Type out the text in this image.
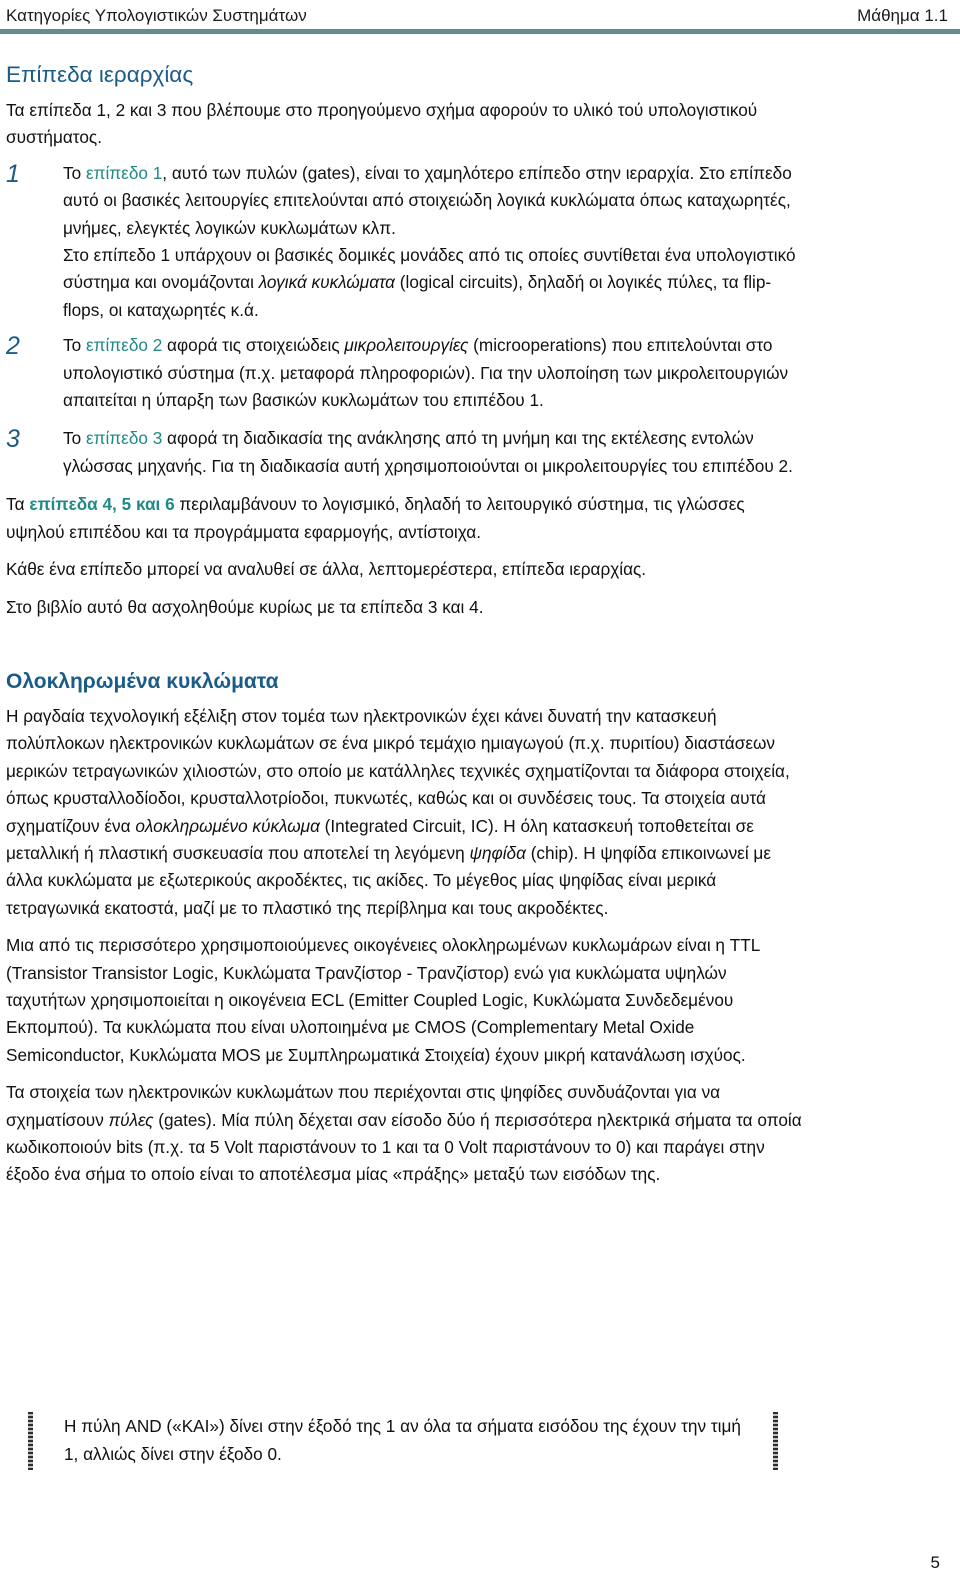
Κατηγορίες Υπολογιστικών Συστημάτων	Μάθημα 1.1
Επίπεδα ιεραρχίας

Τα επίπεδα 1, 2 και 3 που βλέπουμε στο προηγούμενο σχήμα αφορούν το υλικό τού υπολογιστικού συστήματος.

1	Το επίπεδο 1, αυτό των πυλών (gates), είναι το χαμηλότερο επίπεδο στην ιεραρχία. Στο επίπεδο αυτό οι βασικές λειτουργίες επιτελούνται από στοιχειώδη λογικά κυκλώματα όπως καταχωρητές, μνήμες, ελεγκτές λογικών κυκλωμάτων κλπ.

Στο επίπεδο 1 υπάρχουν οι βασικές δομικές μονάδες από τις οποίες συντίθεται ένα υπολογιστικό σύστημα και ονομάζονται λογικά κυκλώματα (logical circuits), δηλαδή οι λογικές πύλες, τα flip-flops, οι καταχωρητές κ.ά.

2	Το επίπεδο 2 αφορά τις στοιχειώδεις μικρολειτουργίες (microoperations) που επιτελούνται στο υπολογιστικό σύστημα (π.χ. μεταφορά πληροφοριών). Για την υλοποίηση των μικρολειτουργιών απαιτείται η ύπαρξη των βασικών κυκλωμάτων του επιπέδου 1.

3	Το επίπεδο 3 αφορά τη διαδικασία της ανάκλησης από τη μνήμη και της εκτέλεσης εντολών γλώσσας μηχανής. Για τη διαδικασία αυτή χρησιμοποιούνται οι μικρολειτουργίες του επιπέδου 2.

Τα επίπεδα 4, 5 και 6 περιλαμβάνουν το λογισμικό, δηλαδή το λειτουργικό σύστημα, τις γλώσσες υψηλού επιπέδου και τα προγράμματα εφαρμογής, αντίστοιχα.

Κάθε ένα επίπεδο μπορεί να αναλυθεί σε άλλα, λεπτομερέστερα, επίπεδα ιεραρχίας.

Στο βιβλίο αυτό θα ασχοληθούμε κυρίως με τα επίπεδα 3 και 4.

Ολοκληρωμένα κυκλώματα

Η ραγδαία τεχνολογική εξέλιξη στον τομέα των ηλεκτρονικών έχει κάνει δυνατή την κατασκευή πολύπλοκων ηλεκτρονικών κυκλωμάτων σε ένα μικρό τεμάχιο ημιαγωγού (π.χ. πυριτίου) διαστάσεων μερικών τετραγωνικών χιλιοστών, στο οποίο με κατάλληλες τεχνικές σχηματίζονται τα διάφορα στοιχεία, όπως κρυσταλλοδίοδοι, κρυσταλλοτρίοδοι, πυκνωτές, καθώς και οι συνδέσεις τους. Τα στοιχεία αυτά σχηματίζουν ένα ολοκληρωμένο κύκλωμα (Integrated Circuit, IC). Η όλη κατασκευή τοποθετείται σε μεταλλική ή πλαστική συσκευασία που αποτελεί τη λεγόμενη ψηφίδα (chip). Η ψηφίδα επικοινωνεί με άλλα κυκλώματα με εξωτερικούς ακροδέκτες, τις ακίδες. Το μέγεθος μίας ψηφίδας είναι μερικά τετραγωνικά εκατοστά, μαζί με το πλαστικό της περίβλημα και τους ακροδέκτες.

Μια από τις περισσότερο χρησιμοποιούμενες οικογένειες ολοκληρωμένων κυκλωμάρων είναι η TTL (Transistor Transistor Logic, Κυκλώματα Τρανζίστορ - Τρανζίστορ) ενώ για κυκλώματα υψηλών ταχυτήτων χρησιμοποιείται η οικογένεια ECL (Emitter Coupled Logic, Κυκλώματα Συνδεδεμένου Εκπομπού). Τα κυκλώματα που είναι υλοποιημένα με CMOS (Complementary Metal Oxide Semiconductor, Κυκλώματα MOS με Συμπληρωματικά Στοιχεία) έχουν μικρή κατανάλωση ισχύος.

Τα στοιχεία των ηλεκτρονικών κυκλωμάτων που περιέχονται στις ψηφίδες συνδυάζονται για να σχηματίσουν πύλες (gates). Μία πύλη δέχεται σαν είσοδο δύο ή περισσότερα ηλεκτρικά σήματα τα οποία κωδικοποιούν bits (π.χ. τα 5 Volt παριστάνουν το 1 και τα 0 Volt παριστάνουν το 0) και παράγει στην έξοδο ένα σήμα το οποίο είναι το αποτέλεσμα μίας «πράξης» μεταξύ των εισόδων της.

Η πύλη AND («ΚΑΙ») δίνει στην έξοδό της 1 αν όλα τα σήματα εισόδου της έχουν την τιμή 1, αλλιώς δίνει στην έξοδο 0.

5
